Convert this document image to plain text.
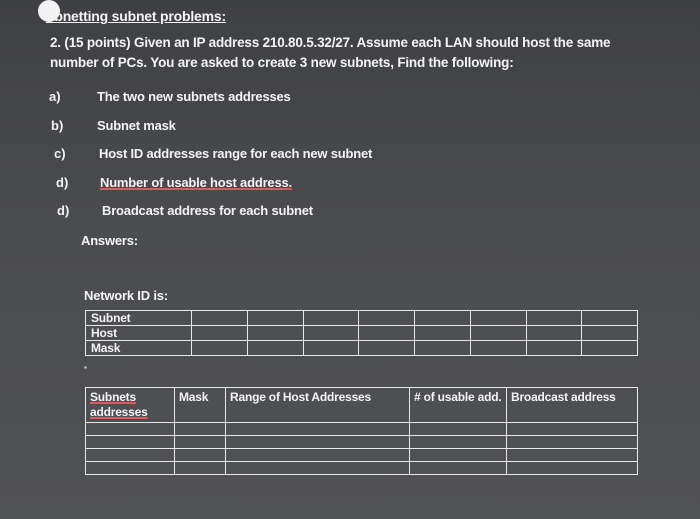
ubnetting subnet problems:
2. (15 points) Given an IP address 210.80.5.32/27. Assume each LAN should host the same number of PCs. You are asked to create 3 new subnets, Find the following:
a)	The two new subnets addresses
b)	Subnet mask
c)	Host ID addresses range for each new subnet
d) Number of usable host address.
d)	Broadcast address for each subnet
Answers:
Network ID is:
Subnet								
Host								
Mask								
▪
Subnets addresses	Mask	Range of Host Addresses	# of usable add.	Broadcast address
